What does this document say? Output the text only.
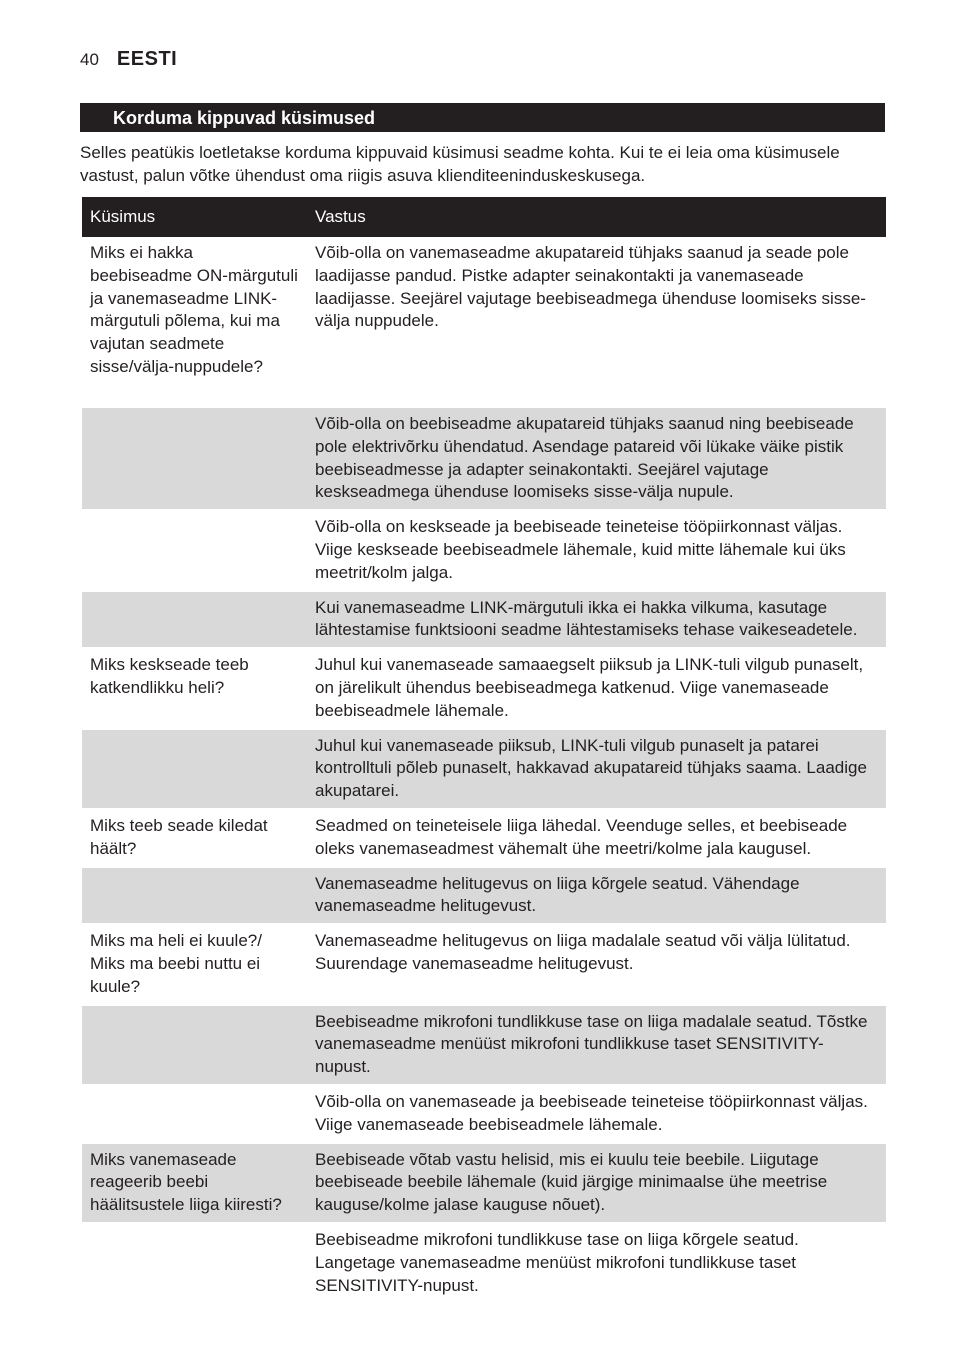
40 EESTI
Korduma kippuvad küsimused

Selles peatükis loetletakse korduma kippuvaid küsimusi seadme kohta. Kui te ei leia oma küsimusele vastust, palun võtke ühendust oma riigis asuva klienditeeninduskeskusega.

Küsimus	Vastus
Miks ei hakka beebiseadme ON-märgutuli ja vanemaseadme LINK-märgutuli põlema, kui ma vajutan seadmete sisse/välja-nuppudele?	Võib-olla on vanemaseadme akupatareid tühjaks saanud ja seade pole laadijasse pandud. Pistke adapter seinakontakti ja vanemaseade laadijasse. Seejärel vajutage beebiseadmega ühenduse loomiseks sisse-välja nuppudele.
	Võib-olla on beebiseadme akupatareid tühjaks saanud ning beebiseade pole elektrivõrku ühendatud. Asendage patareid või lükake väike pistik beebiseadmesse ja adapter seinakontakti. Seejärel vajutage keskseadmega ühenduse loomiseks sisse-välja nupule.
	Võib-olla on keskseade ja beebiseade teineteise tööpiirkonnast väljas. Viige keskseade beebiseadmele lähemale, kuid mitte lähemale kui üks meetrit/kolm jalga.
	Kui vanemaseadme LINK-märgutuli ikka ei hakka vilkuma, kasutage lähtestamise funktsiooni seadme lähtestamiseks tehase vaikeseadetele.
Miks keskseade teeb katkendlikku heli?	Juhul kui vanemaseade samaaegselt piiksub ja LINK-tuli vilgub punaselt, on järelikult ühendus beebiseadmega katkenud. Viige vanemaseade beebiseadmele lähemale.
	Juhul kui vanemaseade piiksub, LINK-tuli vilgub punaselt ja patarei kontrolltuli põleb punaselt, hakkavad akupatareid tühjaks saama. Laadige akupatarei.
Miks teeb seade kiledat häält?	Seadmed on teineteisele liiga lähedal. Veenduge selles, et beebiseade oleks vanemaseadmest vähemalt ühe meetri/kolme jala kaugusel.
	Vanemaseadme helitugevus on liiga kõrgele seatud. Vähendage vanemaseadme helitugevust.
Miks ma heli ei kuule?/ Miks ma beebi nuttu ei kuule?	Vanemaseadme helitugevus on liiga madalale seatud või välja lülitatud. Suurendage vanemaseadme helitugevust.
	Beebiseadme mikrofoni tundlikkuse tase on liiga madalale seatud. Tõstke vanemaseadme menüüst mikrofoni tundlikkuse taset SENSITIVITY-nupust.
	Võib-olla on vanemaseade ja beebiseade teineteise tööpiirkonnast väljas. Viige vanemaseade beebiseadmele lähemale.
Miks vanemaseade reageerib beebi häälitsustele liiga kiiresti?	Beebiseade võtab vastu helisid, mis ei kuulu teie beebile. Liigutage beebiseade beebile lähemale (kuid järgige minimaalse ühe meetrise kauguse/kolme jalase kauguse nõuet).
	Beebiseadme mikrofoni tundlikkuse tase on liiga kõrgele seatud. Langetage vanemaseadme menüüst mikrofoni tundlikkuse taset SENSITIVITY-nupust.
